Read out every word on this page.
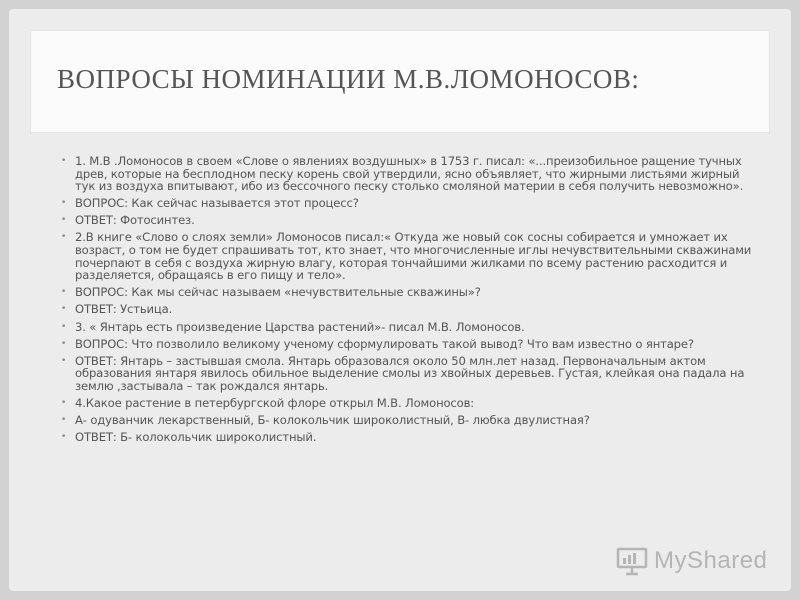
ВОПРОСЫ НОМИНАЦИИ М.В.ЛОМОНОСОВ:
• 1. М.В .Ломоносов в своем «Слове о явлениях воздушных» в 1753 г. писал: «...преизобильное ращение тучных древ, которые на бесплодном песку корень свой утвердили, ясно объявляет, что жирными листьями жирный тук из воздуха впитывают, ибо из бессочного песку столько смоляной материи в себя получить невозможно».
• ВОПРОС: Как сейчас называется этот процесс?
• ОТВЕТ: Фотосинтез.
• 2.В книге «Слово о слоях земли» Ломоносов писал:« Откуда же новый сок сосны собирается и умножает их возраст, о том не будет спрашивать тот, кто знает, что многочисленные иглы нечувствительными скважинами почерпают в себя с воздуха жирную влагу, которая тончайшими жилками по всему растению расходится и разделяется, обращаясь в его пищу и тело».
• ВОПРОС: Как мы сейчас называем «нечувствительные скважины»?
• ОТВЕТ: Устьица.
• 3. « Янтарь есть произведение Царства растений»- писал М.В. Ломоносов.
• ВОПРОС: Что позволило великому ученому сформулировать такой вывод? Что вам известно о янтаре?
• ОТВЕТ: Янтарь – застывшая смола. Янтарь образовался около 50 млн.лет назад. Первоначальным актом образования янтаря явилось обильное выделение смолы из хвойных деревьев. Густая, клейкая она падала на землю ,застывала – так рождался янтарь.
• 4.Какое растение в петербургской флоре открыл М.В. Ломоносов:
• А- одуванчик лекарственный, Б- колокольчик широколистный, В- любка двулистная?
• ОТВЕТ: Б- колокольчик широколистный.
MyShared
